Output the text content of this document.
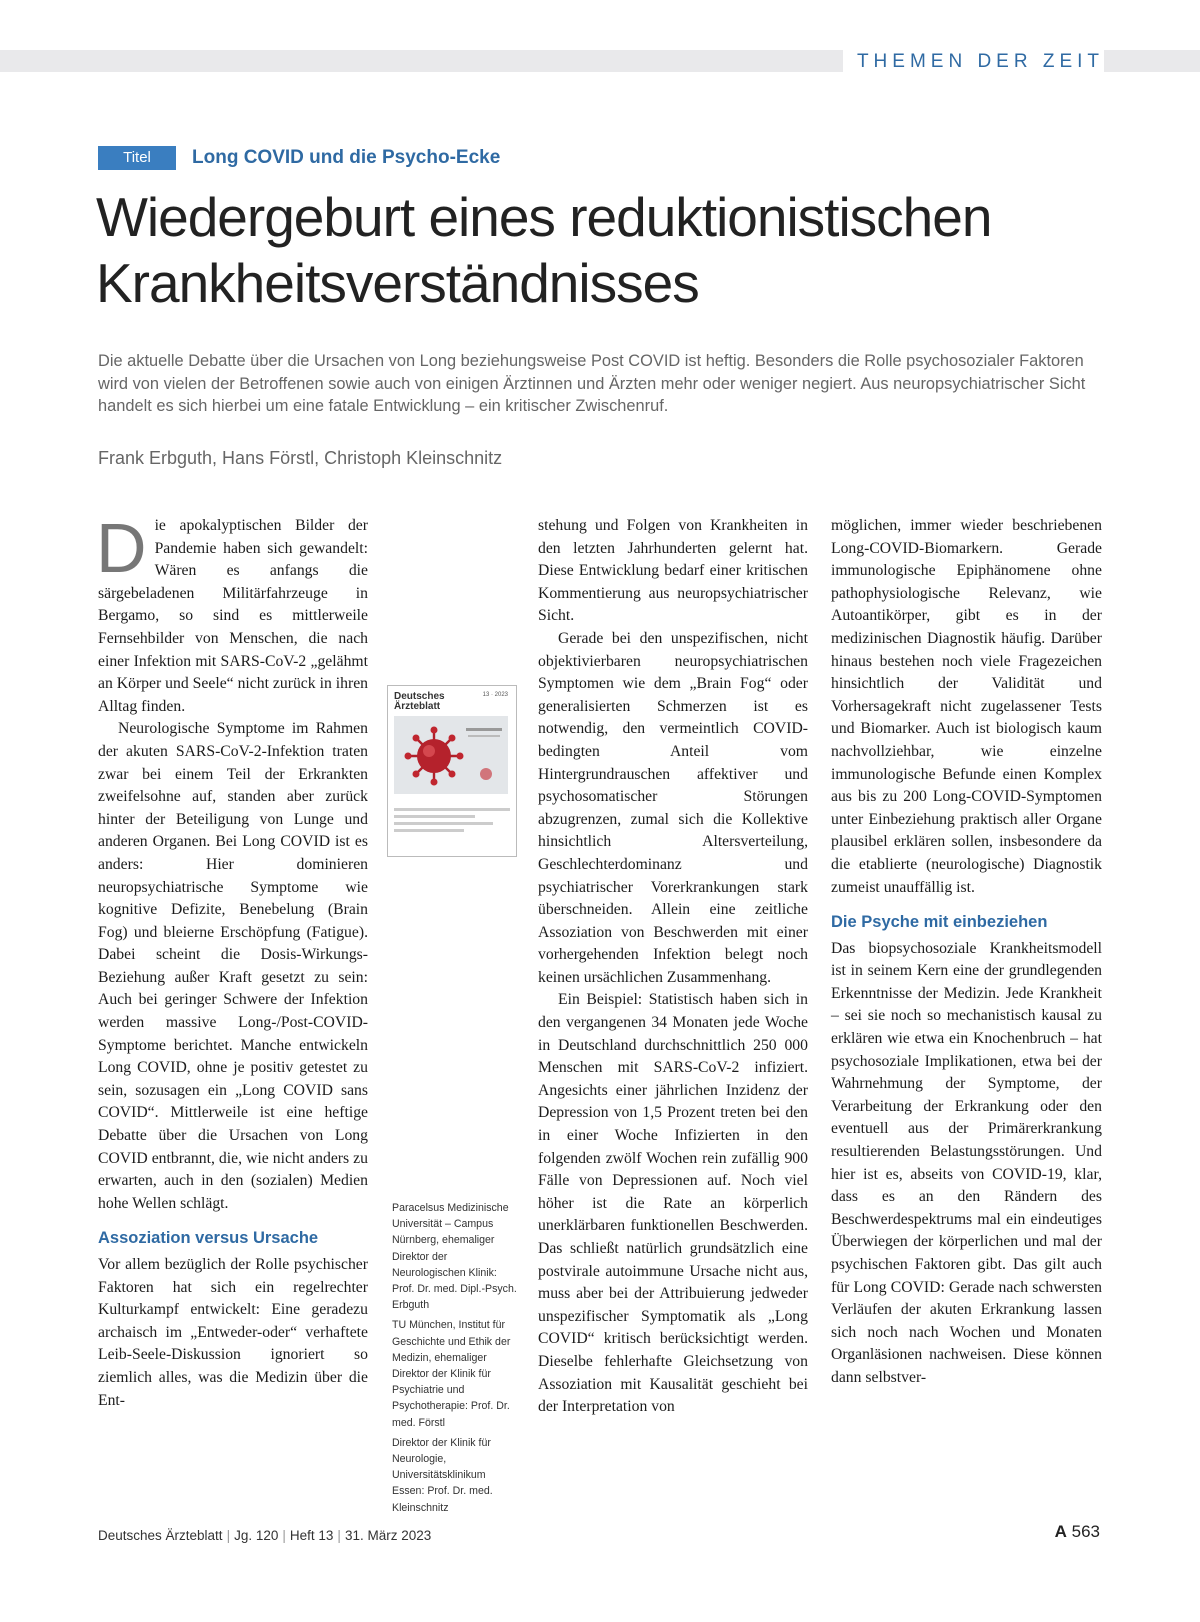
THEMEN DER ZEIT
Titel	Long COVID und die Psycho-Ecke
Wiedergeburt eines reduktionistischen Krankheitsverständnisses

Die aktuelle Debatte über die Ursachen von Long beziehungsweise Post COVID ist heftig. Besonders die Rolle psychosozialer Faktoren wird von vielen der Betroffenen sowie auch von einigen Ärztinnen und Ärzten mehr oder weniger negiert. Aus neuropsychiatrischer Sicht handelt es sich hierbei um eine fatale Entwicklung – ein kritischer Zwischenruf.

Frank Erbguth, Hans Förstl, Christoph Kleinschnitz

Die apokalyptischen Bilder der Pandemie haben sich gewandelt: Wären es anfangs die särgebeladenen Militärfahrzeuge in Bergamo, so sind es mittlerweile Fernsehbilder von Menschen, die nach einer Infektion mit SARS-CoV-2 „gelähmt an Körper und Seele“ nicht zurück in ihren Alltag finden.

Neurologische Symptome im Rahmen der akuten SARS-CoV-2-Infektion traten zwar bei einem Teil der Erkrankten zweifelsohne auf, standen aber zurück hinter der Beteiligung von Lunge und anderen Organen. Bei Long COVID ist es anders: Hier dominieren neuropsychiatrische Symptome wie kognitive Defizite, Benebelung (Brain Fog) und bleierne Erschöpfung (Fatigue). Dabei scheint die Dosis-Wirkungs-Beziehung außer Kraft gesetzt zu sein: Auch bei geringer Schwere der Infektion werden massive Long-/Post-COVID-Symptome berichtet. Manche entwickeln Long COVID, ohne je positiv getestet zu sein, sozusagen ein „Long COVID sans COVID“. Mittlerweile ist eine heftige Debatte über die Ursachen von Long COVID entbrannt, die, wie nicht anders zu erwarten, auch in den (sozialen) Medien hohe Wellen schlägt.

Assoziation versus Ursache

Vor allem bezüglich der Rolle psychischer Faktoren hat sich ein regelrechter Kulturkampf entwickelt: Eine geradezu archaisch im „Entweder-oder“ verhaftete Leib-Seele-Diskussion ignoriert so ziemlich alles, was die Medizin über die Ent-

Deutsches
Ärzteblatt
13 · 2023

Paracelsus Medizinische Universität – Campus Nürnberg, ehemaliger Direktor der Neurologischen Klinik: Prof. Dr. med. Dipl.-Psych. Erbguth

TU München, Institut für Geschichte und Ethik der Medizin, ehemaliger Direktor der Klinik für Psychiatrie und Psychotherapie: Prof. Dr. med. Förstl

Direktor der Klinik für Neurologie, Universitätsklinikum Essen: Prof. Dr. med. Kleinschnitz

stehung und Folgen von Krankheiten in den letzten Jahrhunderten gelernt hat. Diese Entwicklung bedarf einer kritischen Kommentierung aus neuropsychiatrischer Sicht.

Gerade bei den unspezifischen, nicht objektivierbaren neuropsychiatrischen Symptomen wie dem „Brain Fog“ oder generalisierten Schmerzen ist es notwendig, den vermeintlich COVID-bedingten Anteil vom Hintergrundrauschen affektiver und psychosomatischer Störungen abzugrenzen, zumal sich die Kollektive hinsichtlich Altersverteilung, Geschlechterdominanz und psychiatrischer Vorerkrankungen stark überschneiden. Allein eine zeitliche Assoziation von Beschwerden mit einer vorhergehenden Infektion belegt noch keinen ursächlichen Zusammenhang.

Ein Beispiel: Statistisch haben sich in den vergangenen 34 Monaten jede Woche in Deutschland durchschnittlich 250 000 Menschen mit SARS-CoV-2 infiziert. Angesichts einer jährlichen Inzidenz der Depression von 1,5 Prozent treten bei den in einer Woche Infizierten in den folgenden zwölf Wochen rein zufällig 900 Fälle von Depressionen auf. Noch viel höher ist die Rate an körperlich unerklärbaren funktionellen Beschwerden. Das schließt natürlich grundsätzlich eine postvirale autoimmune Ursache nicht aus, muss aber bei der Attribuierung jedweder unspezifischer Symptomatik als „Long COVID“ kritisch berücksichtigt werden. Dieselbe fehlerhafte Gleichsetzung von Assoziation mit Kausalität geschieht bei der Interpretation von

möglichen, immer wieder beschriebenen Long-COVID-Biomarkern. Gerade immunologische Epiphänomene ohne pathophysiologische Relevanz, wie Autoantikörper, gibt es in der medizinischen Diagnostik häufig. Darüber hinaus bestehen noch viele Fragezeichen hinsichtlich der Validität und Vorhersagekraft nicht zugelassener Tests und Biomarker. Auch ist biologisch kaum nachvollziehbar, wie einzelne immunologische Befunde einen Komplex aus bis zu 200 Long-COVID-Symptomen unter Einbeziehung praktisch aller Organe plausibel erklären sollen, insbesondere da die etablierte (neurologische) Diagnostik zumeist unauffällig ist.

Die Psyche mit einbeziehen

Das biopsychosoziale Krankheitsmodell ist in seinem Kern eine der grundlegenden Erkenntnisse der Medizin. Jede Krankheit – sei sie noch so mechanistisch kausal zu erklären wie etwa ein Knochenbruch – hat psychosoziale Implikationen, etwa bei der Wahrnehmung der Symptome, der Verarbeitung der Erkrankung oder den eventuell aus der Primärerkrankung resultierenden Belastungsstörungen. Und hier ist es, abseits von COVID-19, klar, dass es an den Rändern des Beschwerdespektrums mal ein eindeutiges Überwiegen der körperlichen und mal der psychischen Faktoren gibt. Das gilt auch für Long COVID: Gerade nach schwersten Verläufen der akuten Erkrankung lassen sich noch nach Wochen und Monaten Organläsionen nachweisen. Diese können dann selbstver-

Deutsches Ärzteblatt | Jg. 120 | Heft 13 | 31. März 2023	A 563
